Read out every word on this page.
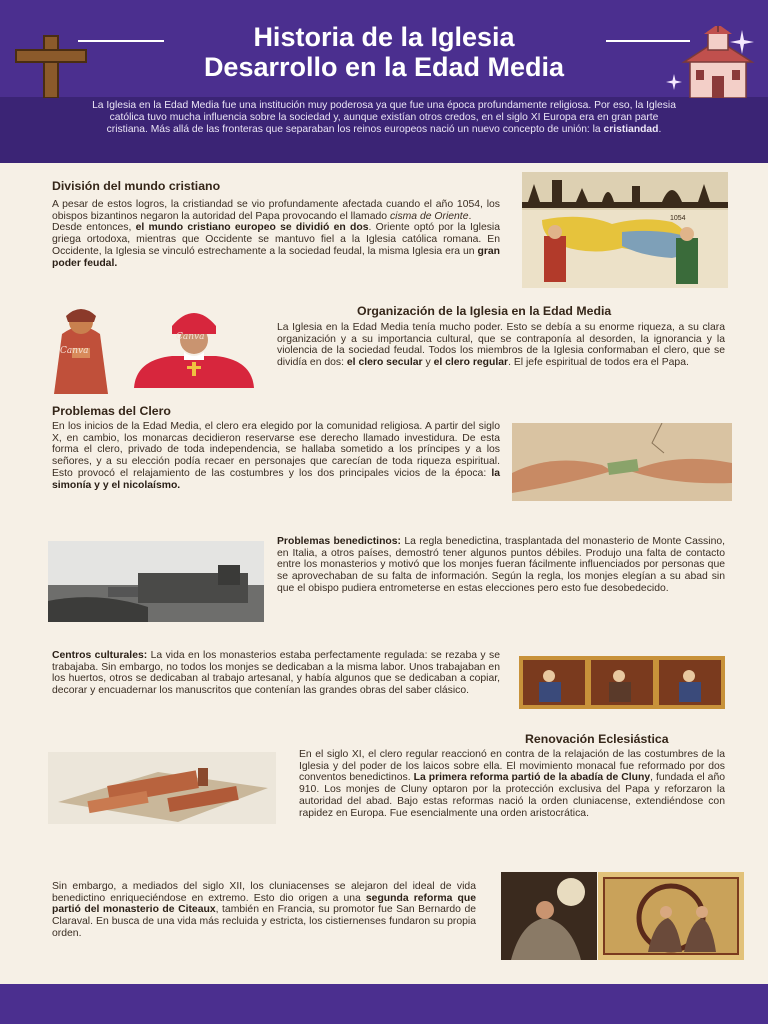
Historia de la Iglesia
Desarrollo en la Edad Media
La Iglesia en la Edad Media fue una institución muy poderosa ya que fue una época profundamente religiosa. Por eso, la Iglesia católica tuvo mucha influencia sobre la sociedad y, aunque existían otros credos, en el siglo XI Europa era en gran parte cristiana. Más allá de las fronteras que separaban los reinos europeos nació un nuevo concepto de unión: la cristiandad.
División del mundo cristiano
A pesar de estos logros, la cristiandad se vio profundamente afectada cuando el año 1054, los obispos bizantinos negaron la autoridad del Papa provocando el llamado cisma de Oriente.
Desde entonces, el mundo cristiano europeo se dividió en dos. Oriente optó por la Iglesia griega ortodoxa, mientras que Occidente se mantuvo fiel a la Iglesia católica romana. En Occidente, la Iglesia se vinculó estrechamente a la sociedad feudal, la misma Iglesia era un gran poder feudal.
1054
Organización de la Iglesia en la Edad Media
Canva
Canva
La Iglesia en la Edad Media tenía mucho poder. Esto se debía a su enorme riqueza, a su clara organización y a su importancia cultural, que se contraponía al desorden, la ignorancia y la violencia de la sociedad feudal. Todos los miembros de la Iglesia conformaban el clero, que se dividía en dos: el clero secular y el clero regular. El jefe espiritual de todos era el Papa.
Problemas del Clero
En los inicios de la Edad Media, el clero era elegido por la comunidad religiosa. A partir del siglo X, en cambio, los monarcas decidieron reservarse ese derecho llamado investidura. De esta forma el clero, privado de toda independencia, se hallaba sometido a los príncipes y a los señores, y a su elección podía recaer en personajes que carecían de toda riqueza espiritual. Esto provocó el relajamiento de las costumbres y los dos principales vicios de la época: la simonía y y el nicolaísmo.
Problemas benedictinos: La regla benedictina, trasplantada del monasterio de Monte Cassino, en Italia, a otros países, demostró tener algunos puntos débiles. Produjo una falta de contacto entre los monasterios y motivó que los monjes fueran fácilmente influenciados por personas que se aprovechaban de su falta de información. Según la regla, los monjes elegían a su abad sin que el obispo pudiera entrometerse en estas elecciones pero esto fue desobedecido.
Centros culturales: La vida en los monasterios estaba perfectamente regulada: se rezaba y se trabajaba. Sin embargo, no todos los monjes se dedicaban a la misma labor. Unos trabajaban en los huertos, otros se dedicaban al trabajo artesanal, y había algunos que se dedicaban a copiar, decorar y encuadernar los manuscritos que contenían las grandes obras del saber clásico.
Renovación Eclesiástica
En el siglo XI, el clero regular reaccionó en contra de la relajación de las costumbres de la Iglesia y del poder de los laicos sobre ella. El movimiento monacal fue reformado por dos conventos benedictinos. La primera reforma partió de la abadía de Cluny, fundada el año 910. Los monjes de Cluny optaron por la protección exclusiva del Papa y reforzaron la autoridad del abad. Bajo estas reformas nació la orden cluniacense, extendiéndose con rapidez en Europa. Fue esencialmente una orden aristocrática.
Sin embargo, a mediados del siglo XII, los cluniacenses se alejaron del ideal de vida benedictino enriqueciéndose en extremo. Esto dio origen a una segunda reforma que partió del monasterio de Citeaux, también en Francia, su promotor fue San Bernardo de Claraval. En busca de una vida más recluida y estricta, los cistiernenses fundaron su propia orden.
